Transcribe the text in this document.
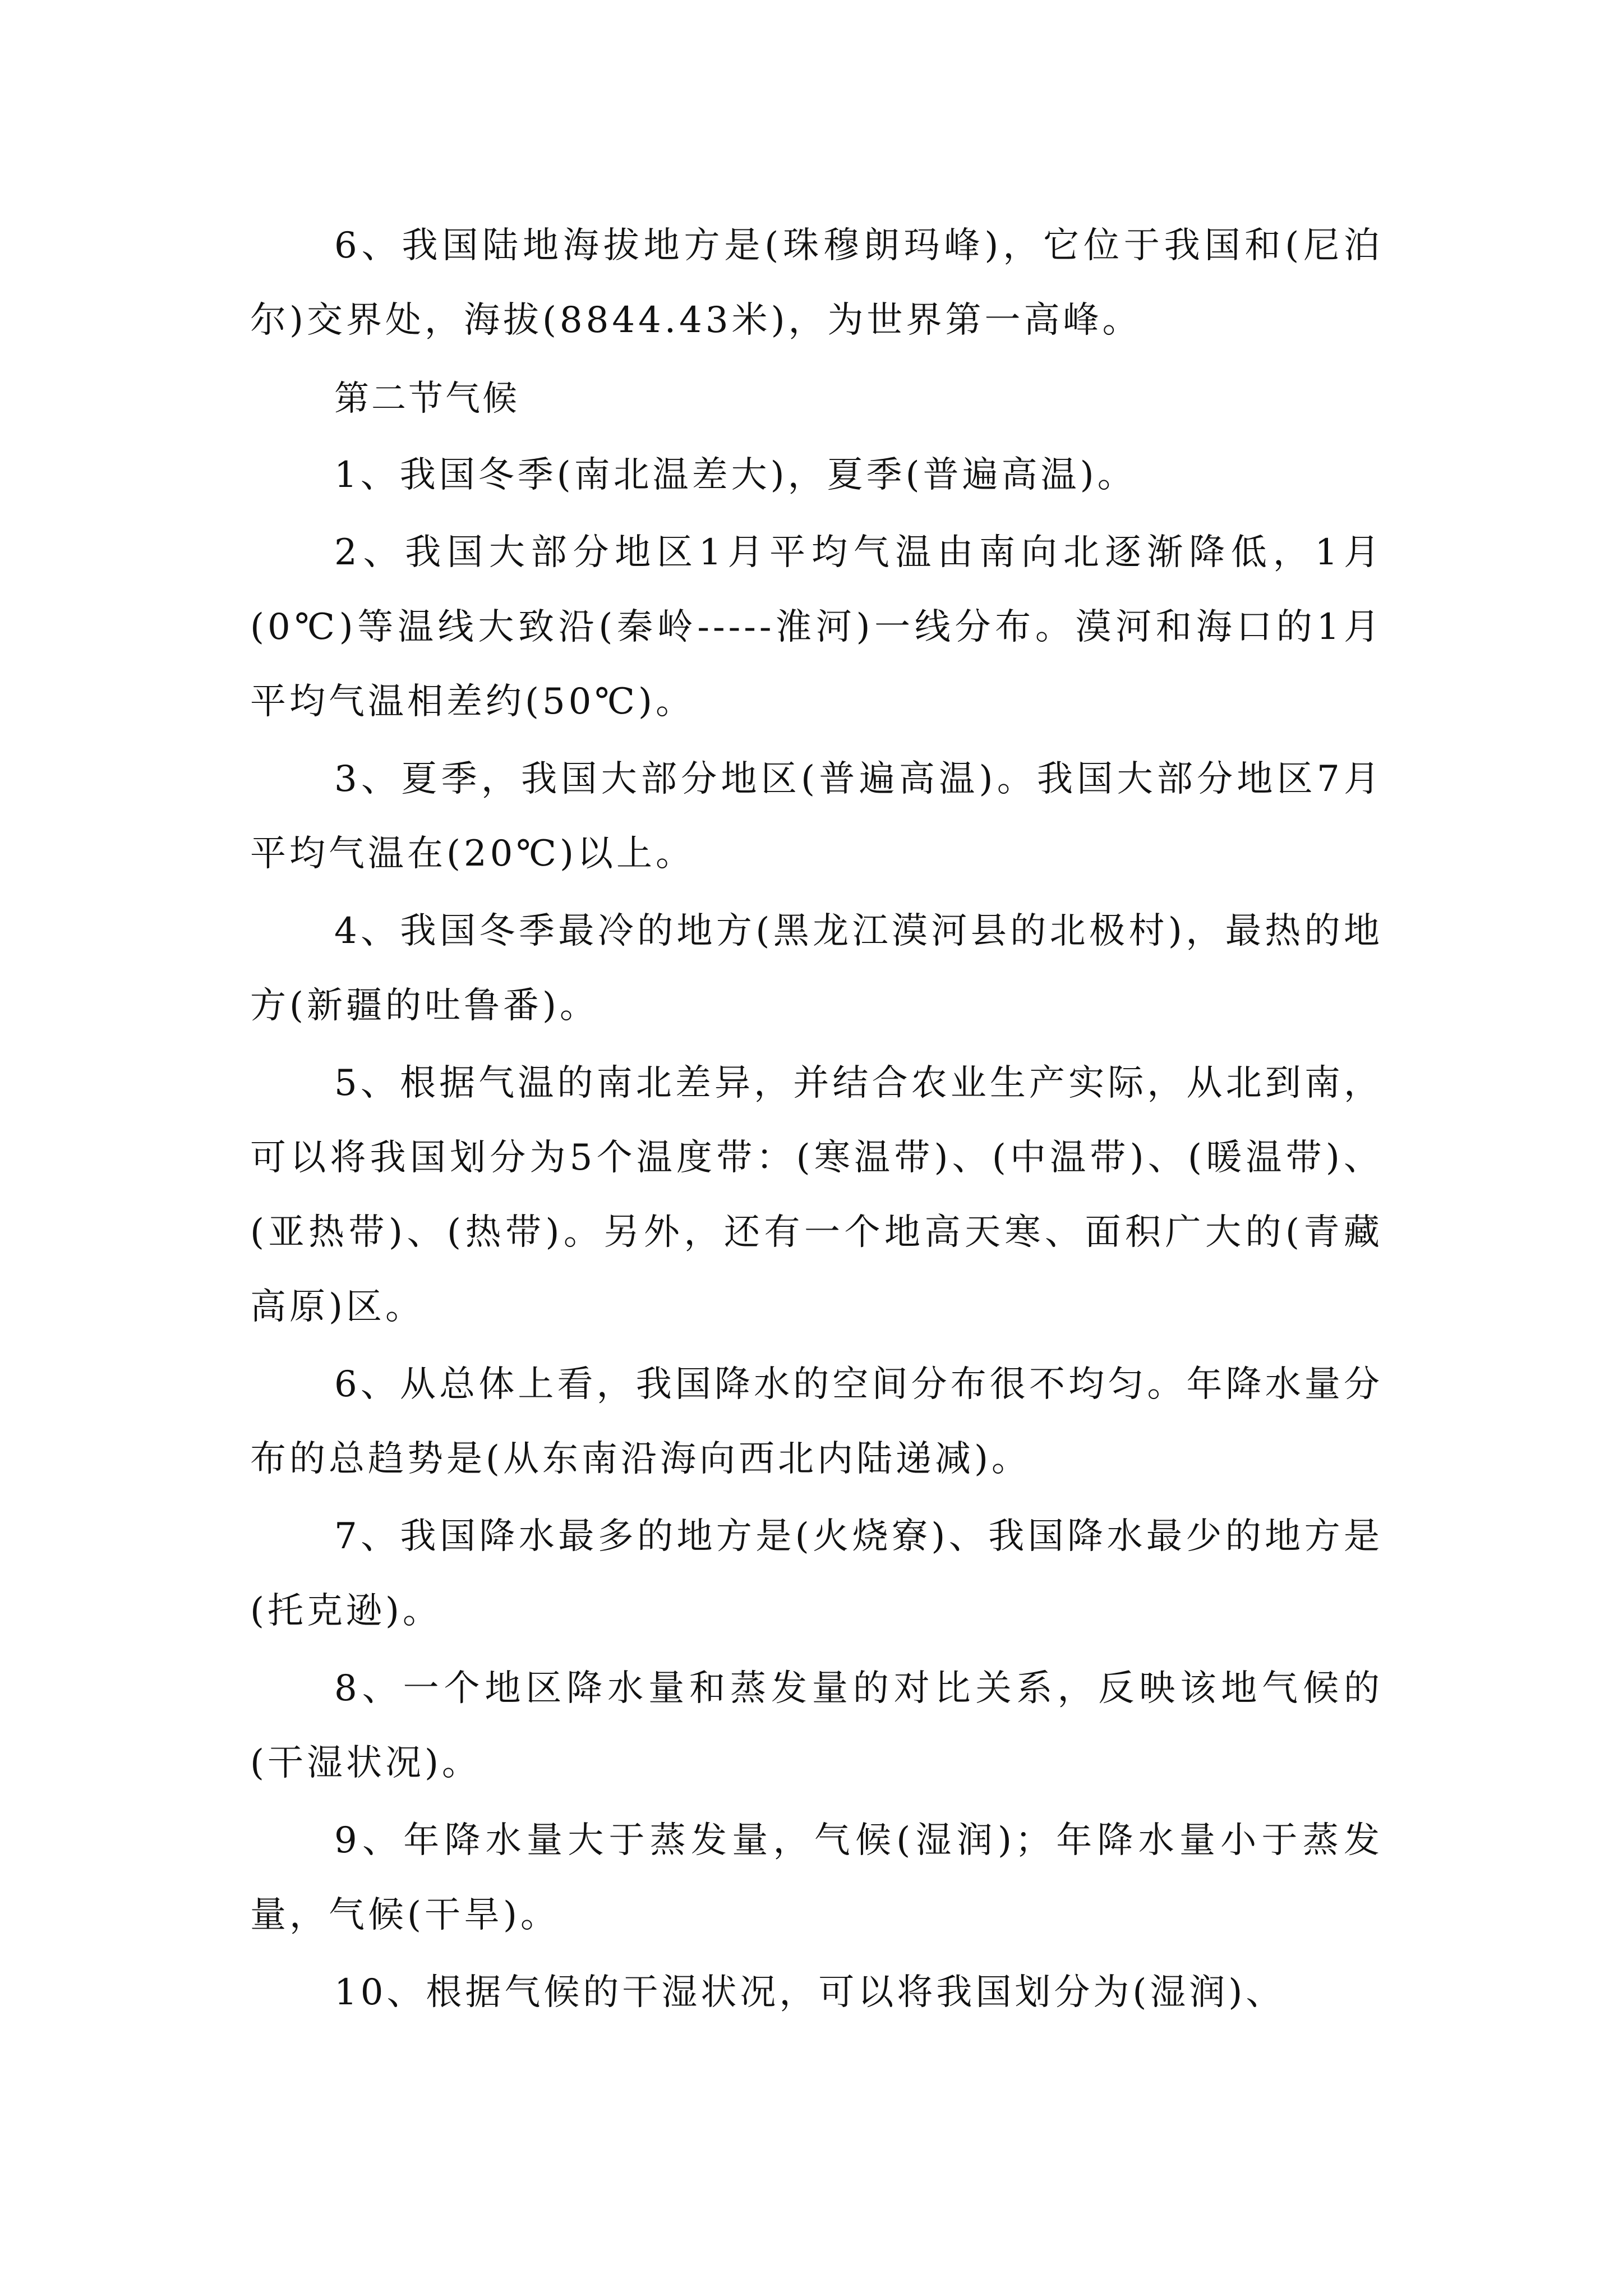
6、我国陆地海拔地方是(珠穆朗玛峰)，它位于我国和(尼泊尔)交界处，海拔(8844.43米)，为世界第一高峰。

第二节气候

1、我国冬季(南北温差大)，夏季(普遍高温)。

2、我国大部分地区1月平均气温由南向北逐渐降低，1月(0℃)等温线大致沿(秦岭-----淮河)一线分布。漠河和海口的1月平均气温相差约(50℃)。

3、夏季，我国大部分地区(普遍高温)。我国大部分地区7月平均气温在(20℃)以上。

4、我国冬季最冷的地方(黑龙江漠河县的北极村)，最热的地方(新疆的吐鲁番)。

5、根据气温的南北差异，并结合农业生产实际，从北到南，可以将我国划分为5个温度带：(寒温带)、(中温带)、(暖温带)、(亚热带)、(热带)。另外，还有一个地高天寒、面积广大的(青藏高原)区。

6、从总体上看，我国降水的空间分布很不均匀。年降水量分布的总趋势是(从东南沿海向西北内陆递减)。

7、我国降水最多的地方是(火烧寮)、我国降水最少的地方是(托克逊)。

8、一个地区降水量和蒸发量的对比关系，反映该地气候的(干湿状况)。

9、年降水量大于蒸发量，气候(湿润)；年降水量小于蒸发量，气候(干旱)。

10、根据气候的干湿状况，可以将我国划分为(湿润)、
